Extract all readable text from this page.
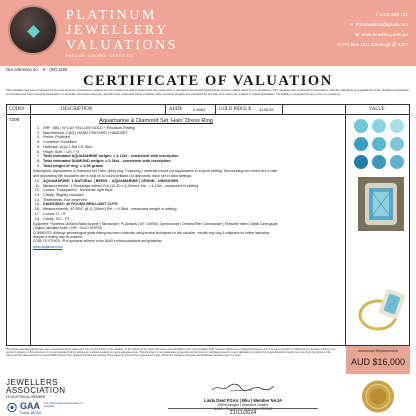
PLATINUM
JEWELLERY
VALUATIONS
PRECISE. INSURED. CERTIFIED
T: 0431 645 781
E: P3Valuations@gmail.com
W: www.bearbling.com.au
A: PO Box 1511 Bentleigh @ 4207
Our reference no: K - (09) 1260
CERTIFICATE OF VALUATION
This valuation has been prepared for the sole purpose of insurance replacement at a retail store and is based upon the retail price to reproduce the articles listed below. Current market value is not considered. This valuation was conducted in accordance with the standards and guidelines of the Jewellers Association of Australia and Gemmological Association of Australia. All stones listed are identified and measured where possible while mounted, weights are estimated by formula, and values are subject to market fluctuation. No liability is accepted for any errors or omissions.
CODE#	DESCRIPTION	AUD$	0.6464	GOLD PRICE $ 4138.35	VALUE
7209	Aquamarine & Diamond Set 'Halo' Dress Ring
1. XRF: 585 | W 14ct YELLOW GOLD + Rhodium Plating
2. Manufacture: CAD | HAND FINISHED | HANDSET
3. Finish: Polished
4. Condition: Excellent
5. Hallmark: AQA 1.5ct CD.36ct
6. Finger Size = US 7 ½
7. Total estimated AQUAMARINE weight: = 4.13ct - consistent with inscription
8. Total estimated DIAMOND weight: = 0.36ct - consistent with inscription
9. Total weight of ring: = 4.96 grams
Description: Aquamarine & Diamond set 'Halo' dress ring. Featuring 1 emerald mixed cut aquamarine in a bezel setting. Surrounding the centre are a halo and decorating the shoulders are a total of 40 round brilliant cut diamonds, each set in claw settings.
10. AQUAMARINE: 1 NATURAL | BERYL - AQUAMARINE | ORIGIN - UNKNOWN
11. Measurements: 1 Rectangle Mixed Cut (12.30 x 8.20mm) Est. = 4.13ct - measured in setting
12. Colour: Transparent - Moderate light Blue
13. Clarity: Slightly Included
14. Treatments: Not observed
15. DIAMONDS: 40 ROUND BRILLIANT CUTS
16. Measurements: 40 RBC @ (1.20mm) Est. = 0.36ct - measured weight in setting
17. Colour: G - H
18. Clarity: SI2 - P1
Equipment: *Synthetic Diamond Mass Scanner | Microscope | PL Analysis | UV / LW/SW | Spectroscope | Chelsea Filter | Dichroscope | Refractive Index | Digital Carat gauge | Digital Calibrated Scale | XRF - GOLD TESTED
COMMENTS: Although gemmological grade testing has been conducted using several techniques for this valuation. *results may vary & subjective for further laboratory analysis & testing may be required.
CODE OF ETHICS: *Pvc appraiser adheres to the NAAV's ethical standards and guidelines.
www.naajabrain.com
The articles described above have been examined and the values given are as of the date of this valuation. In the opinion of the valuer the stones were identified to the extent possible while mounted. Values are of appraisal purposes only. The valuer accepts no liability for any decision made by any person in reliance on this document. It is recommended that the articles be revalued regularly to ensure adequate cover. This document is not a guarantee or warranty and no report or certificate issued by a gem laboratory is implied. Any future laboratory reports may vary from the opinion of the valuer and the valuer accepts no responsibility thereof. This valuation remains the property of the valuer and must not be reproduced in part. Printed for insurance purposes and should be reviewed every 2-3 years.
Insurance Replacement
AUD $16,000
JEWELLERS
ASSOCIATION
OF AUSTRALIA | MEMBER
GAA The Gemmological Association of Australia
Follow @GAA
Linda Dent FGAA | Bliu | Member NAJA
Gemmologist | Diamond Grader
NAJA - Registered Appraiser #12312
21/11/2024
